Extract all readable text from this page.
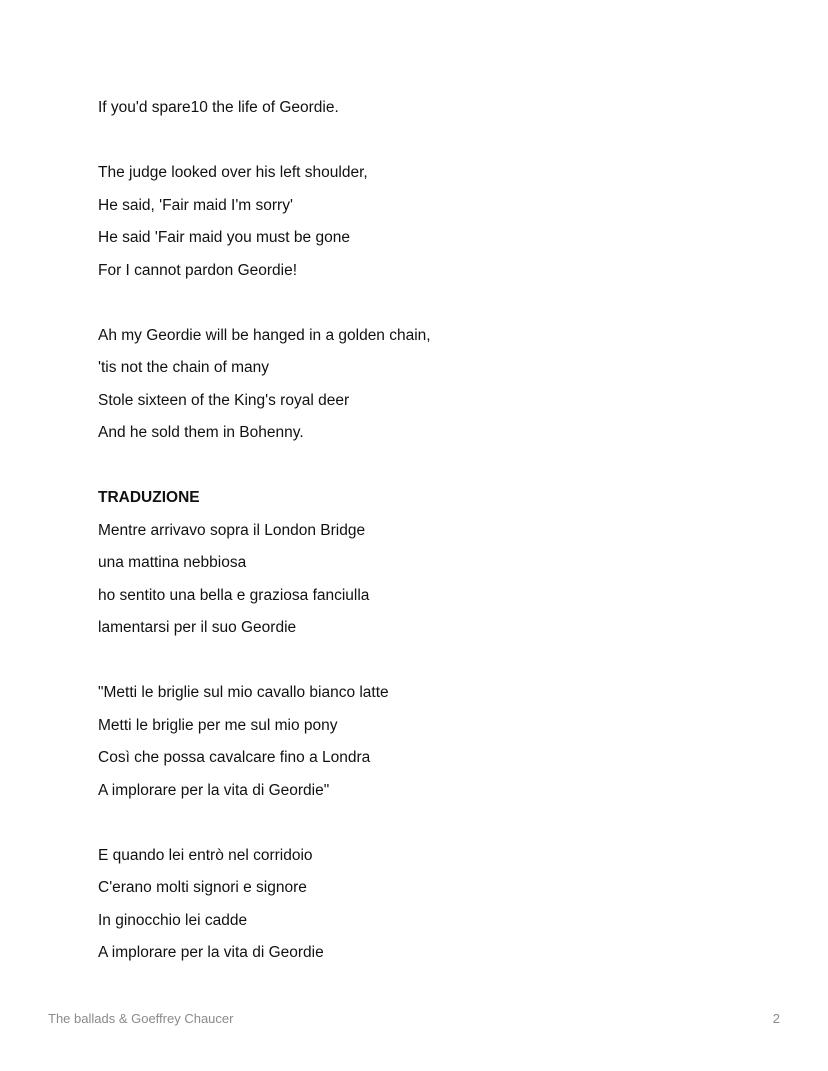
If you'd spare10 the life of Geordie.
The judge looked over his left shoulder,
He said, 'Fair maid I'm sorry'
He said 'Fair maid you must be gone
For I cannot pardon Geordie!
Ah my Geordie will be hanged in a golden chain,
'tis not the chain of many
Stole sixteen of the King's royal deer
And he sold them in Bohenny.
TRADUZIONE
Mentre arrivavo sopra il London Bridge
una mattina nebbiosa
ho sentito una bella e graziosa fanciulla
lamentarsi per il suo Geordie
"Metti le briglie sul mio cavallo bianco latte
Metti le briglie per me sul mio pony
Così che possa cavalcare fino a Londra
A implorare per la vita di Geordie"
E quando lei entrò nel corridoio
C'erano molti signori e signore
In ginocchio lei cadde
A implorare per la vita di Geordie
The ballads & Goeffrey Chaucer	2
